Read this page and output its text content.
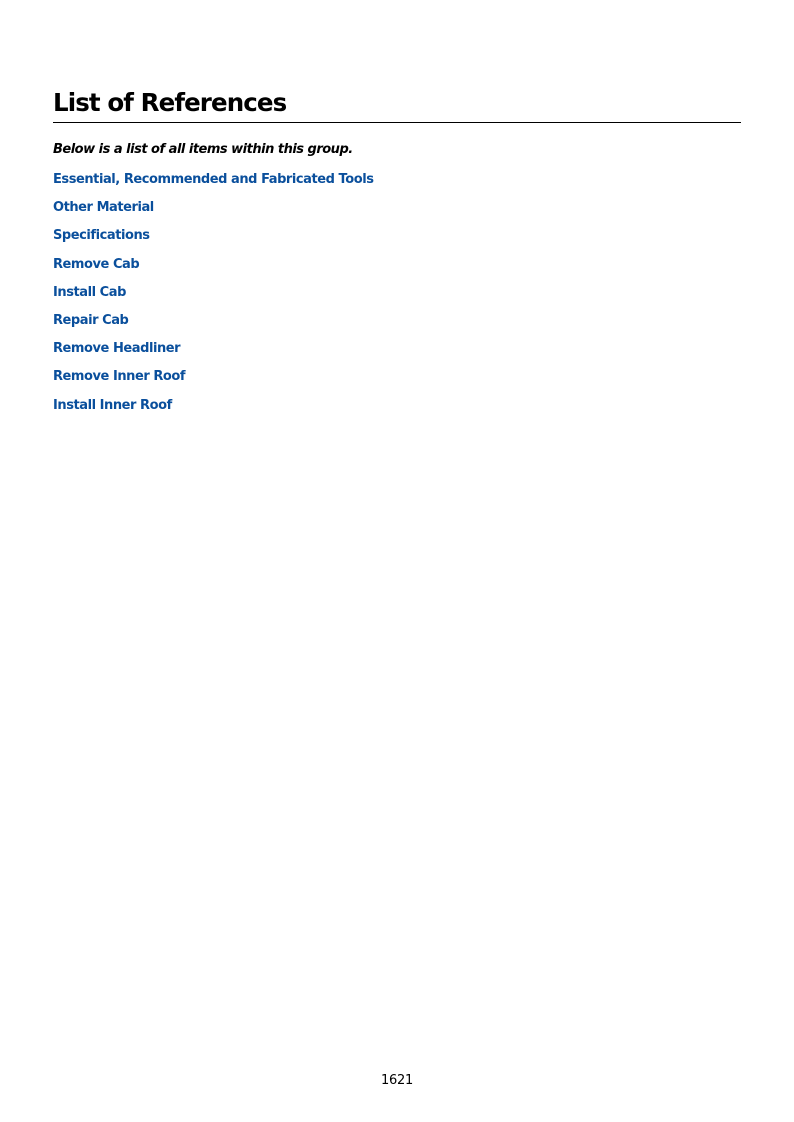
List of References

Below is a list of all items within this group.

Essential, Recommended and Fabricated Tools
Other Material
Specifications
Remove Cab
Install Cab
Repair Cab
Remove Headliner
Remove Inner Roof
Install Inner Roof
1621
